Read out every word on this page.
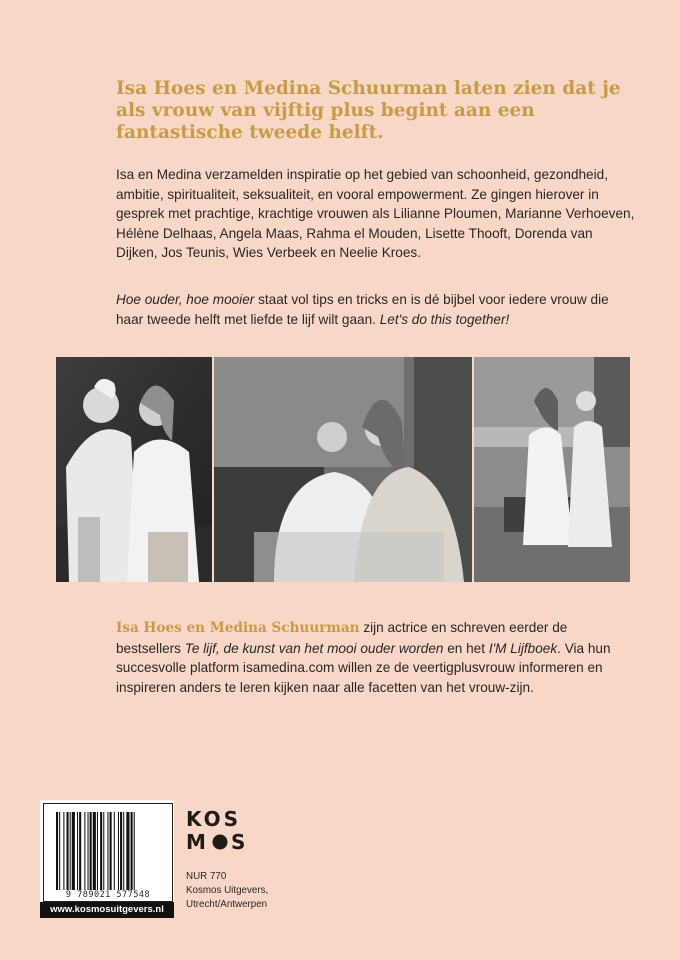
Isa Hoes en Medina Schuurman laten zien dat je als vrouw van vijftig plus begint aan een fantastische tweede helft.

Isa en Medina verzamelden inspiratie op het gebied van schoonheid, gezondheid, ambitie, spiritualiteit, seksualiteit, en vooral empowerment. Ze gingen hierover in gesprek met prachtige, krachtige vrouwen als Lilianne Ploumen, Marianne Verhoeven, Hélène Delhaas, Angela Maas, Rahma el Mouden, Lisette Thooft, Dorenda van Dijken, Jos Teunis, Wies Verbeek en Neelie Kroes.

Hoe ouder, hoe mooier staat vol tips en tricks en is dé bijbel voor iedere vrouw die haar tweede helft met liefde te lijf wilt gaan. Let's do this together!

Isa Hoes en Medina Schuurman zijn actrice en schreven eerder de bestsellers Te lijf, de kunst van het mooi ouder worden en het I'M Lijfboek. Via hun succesvolle platform isamedina.com willen ze de veertigplusvrouw informeren en inspireren anders te leren kijken naar alle facetten van het vrouw-zijn.

9 789021 577548
www.kosmosuitgevers.nl
KOS
M S
NUR 770
Kosmos Uitgevers,
Utrecht/Antwerpen
